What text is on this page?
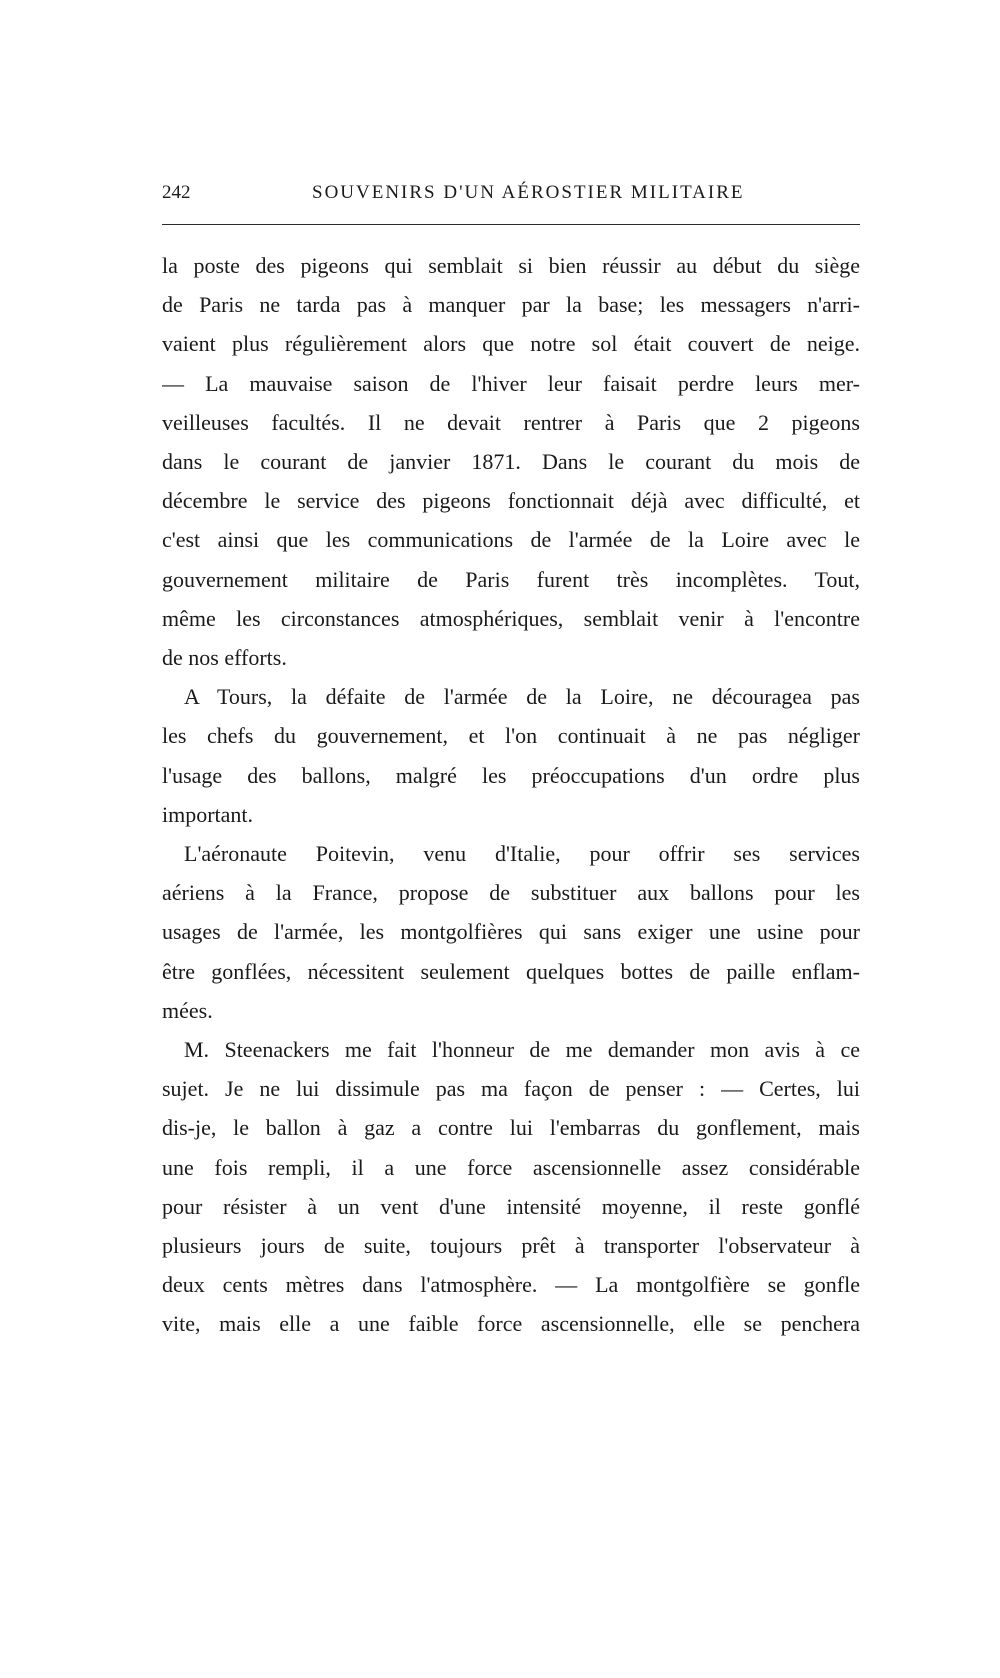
242	SOUVENIRS D'UN AÉROSTIER MILITAIRE
la poste des pigeons qui semblait si bien réussir au début du siège
de Paris ne tarda pas à manquer par la base; les messagers n'arri-
vaient plus régulièrement alors que notre sol était couvert de neige.
— La mauvaise saison de l'hiver leur faisait perdre leurs mer-
veilleuses facultés. Il ne devait rentrer à Paris que 2 pigeons
dans le courant de janvier 1871. Dans le courant du mois de
décembre le service des pigeons fonctionnait déjà avec difficulté, et
c'est ainsi que les communications de l'armée de la Loire avec le
gouvernement militaire de Paris furent très incomplètes. Tout,
même les circonstances atmosphériques, semblait venir à l'encontre
de nos efforts.
A Tours, la défaite de l'armée de la Loire, ne découragea pas
les chefs du gouvernement, et l'on continuait à ne pas négliger
l'usage des ballons, malgré les préoccupations d'un ordre plus
important.
L'aéronaute Poitevin, venu d'Italie, pour offrir ses services
aériens à la France, propose de substituer aux ballons pour les
usages de l'armée, les montgolfières qui sans exiger une usine pour
être gonflées, nécessitent seulement quelques bottes de paille enflam-
mées.
M. Steenackers me fait l'honneur de me demander mon avis à ce
sujet. Je ne lui dissimule pas ma façon de penser : — Certes, lui
dis-je, le ballon à gaz a contre lui l'embarras du gonflement, mais
une fois rempli, il a une force ascensionnelle assez considérable
pour résister à un vent d'une intensité moyenne, il reste gonflé
plusieurs jours de suite, toujours prêt à transporter l'observateur à
deux cents mètres dans l'atmosphère. — La montgolfière se gonfle
vite, mais elle a une faible force ascensionnelle, elle se penchera
